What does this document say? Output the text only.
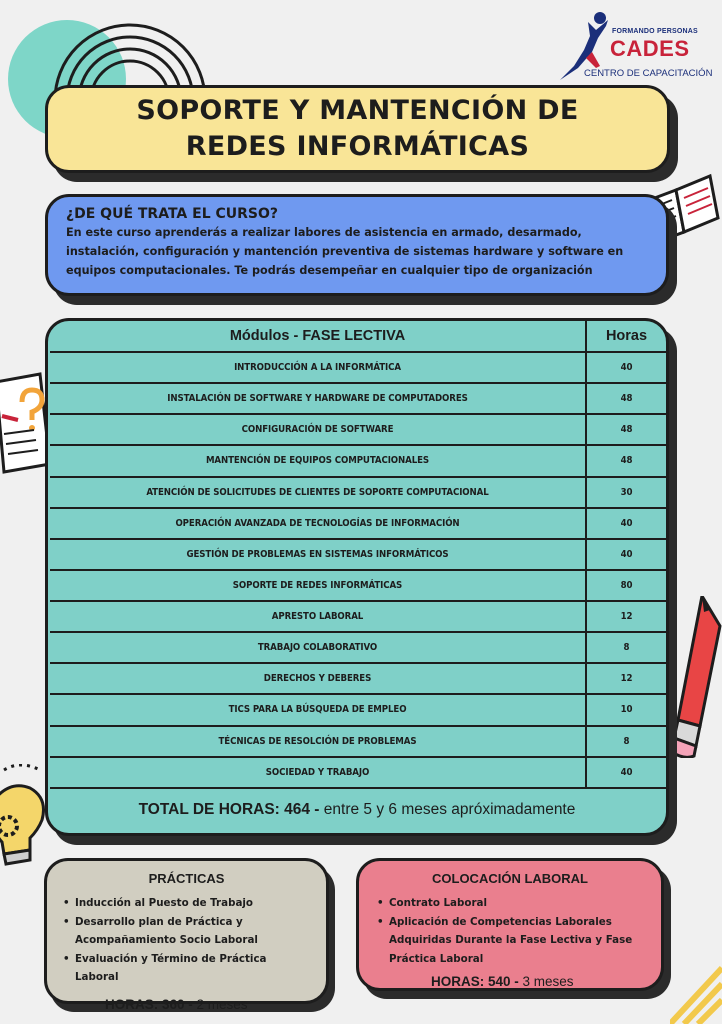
FORMANDO PERSONAS
CADES
CENTRO DE CAPACITACIÓN
SOPORTE Y MANTENCIÓN DE
REDES INFORMÁTICAS
¿DE QUÉ TRATA EL CURSO?

En este curso aprenderás a realizar labores de asistencia en armado, desarmado, instalación, configuración y mantención preventiva de sistemas hardware y software en equipos computacionales. Te podrás desempeñar en cualquier tipo de organización

Módulos - FASE LECTIVA	Horas
INTRODUCCIÓN A LA INFORMÁTICA	40
INSTALACIÓN DE SOFTWARE Y HARDWARE DE COMPUTADORES	48
CONFIGURACIÓN DE SOFTWARE	48
MANTENCIÓN DE EQUIPOS COMPUTACIONALES	48
ATENCIÓN DE SOLICITUDES DE CLIENTES DE SOPORTE COMPUTACIONAL	30
OPERACIÓN AVANZADA DE TECNOLOGÍAS DE INFORMACIÓN	40
GESTIÓN DE PROBLEMAS EN SISTEMAS INFORMÁTICOS	40
SOPORTE DE REDES INFORMÁTICAS	80
APRESTO LABORAL	12
TRABAJO COLABORATIVO	8
DERECHOS Y DEBERES	12
TICS PARA LA BÚSQUEDA DE EMPLEO	10
TÉCNICAS DE RESOLCIÓN DE PROBLEMAS	8
SOCIEDAD Y TRABAJO	40
TOTAL DE HORAS: 464 - entre 5 y 6 meses apróximadamente
PRÁCTICAS
• Inducción al Puesto de Trabajo
• Desarrollo plan de Práctica y Acompañamiento Socio Laboral
• Evaluación y Término de Práctica Laboral
HORAS: 360 - 2 meses
COLOCACIÓN LABORAL
• Contrato Laboral
• Aplicación de Competencias Laborales Adquiridas Durante la Fase Lectiva y Fase Práctica Laboral
HORAS: 540 - 3 meses
